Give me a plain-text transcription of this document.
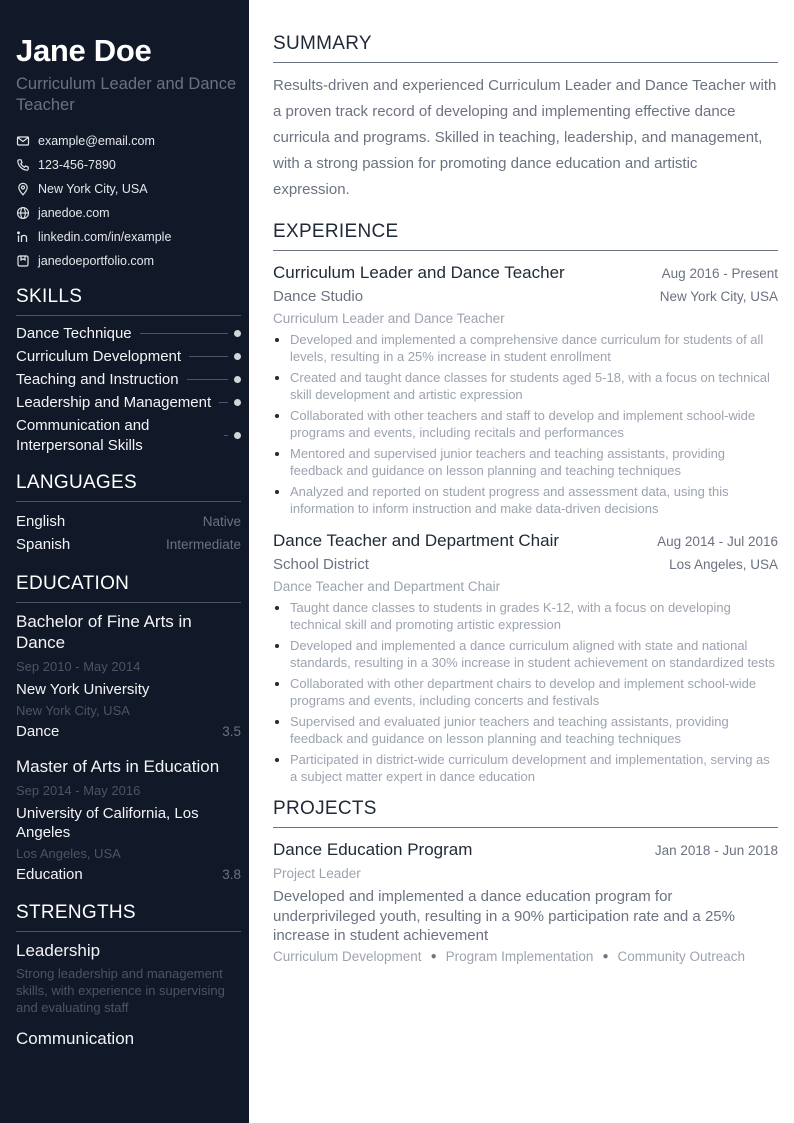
Jane Doe
Curriculum Leader and Dance Teacher
example@email.com
123-456-7890
New York City, USA
janedoe.com
linkedin.com/in/example
janedoeportfolio.com
SKILLS
Dance Technique
Curriculum Development
Teaching and Instruction
Leadership and Management
Communication and Interpersonal Skills
LANGUAGES
English	Native
Spanish	Intermediate
EDUCATION
Bachelor of Fine Arts in Dance
Sep 2010 - May 2014
New York University
New York City, USA
Dance	3.5
Master of Arts in Education
Sep 2014 - May 2016
University of California, Los Angeles
Los Angeles, USA
Education	3.8
STRENGTHS
Leadership
Strong leadership and management skills, with experience in supervising and evaluating staff
Communication
SUMMARY

Results-driven and experienced Curriculum Leader and Dance Teacher with a proven track record of developing and implementing effective dance curricula and programs. Skilled in teaching, leadership, and management, with a strong passion for promoting dance education and artistic expression.

EXPERIENCE
Curriculum Leader and Dance Teacher	Aug 2016 - Present
Dance Studio	New York City, USA
Curriculum Leader and Dance Teacher
• Developed and implemented a comprehensive dance curriculum for students of all levels, resulting in a 25% increase in student enrollment
• Created and taught dance classes for students aged 5-18, with a focus on technical skill development and artistic expression
• Collaborated with other teachers and staff to develop and implement school-wide programs and events, including recitals and performances
• Mentored and supervised junior teachers and teaching assistants, providing feedback and guidance on lesson planning and teaching techniques
• Analyzed and reported on student progress and assessment data, using this information to inform instruction and make data-driven decisions
Dance Teacher and Department Chair	Aug 2014 - Jul 2016
School District	Los Angeles, USA
Dance Teacher and Department Chair
• Taught dance classes to students in grades K-12, with a focus on developing technical skill and promoting artistic expression
• Developed and implemented a dance curriculum aligned with state and national standards, resulting in a 30% increase in student achievement on standardized tests
• Collaborated with other department chairs to develop and implement school-wide programs and events, including concerts and festivals
• Supervised and evaluated junior teachers and teaching assistants, providing feedback and guidance on lesson planning and teaching techniques
• Participated in district-wide curriculum development and implementation, serving as a subject matter expert in dance education
PROJECTS
Dance Education Program	Jan 2018 - Jun 2018
Project Leader
Developed and implemented a dance education program for underprivileged youth, resulting in a 90% participation rate and a 25% increase in student achievement
Curriculum Development ● Program Implementation ● Community Outreach
